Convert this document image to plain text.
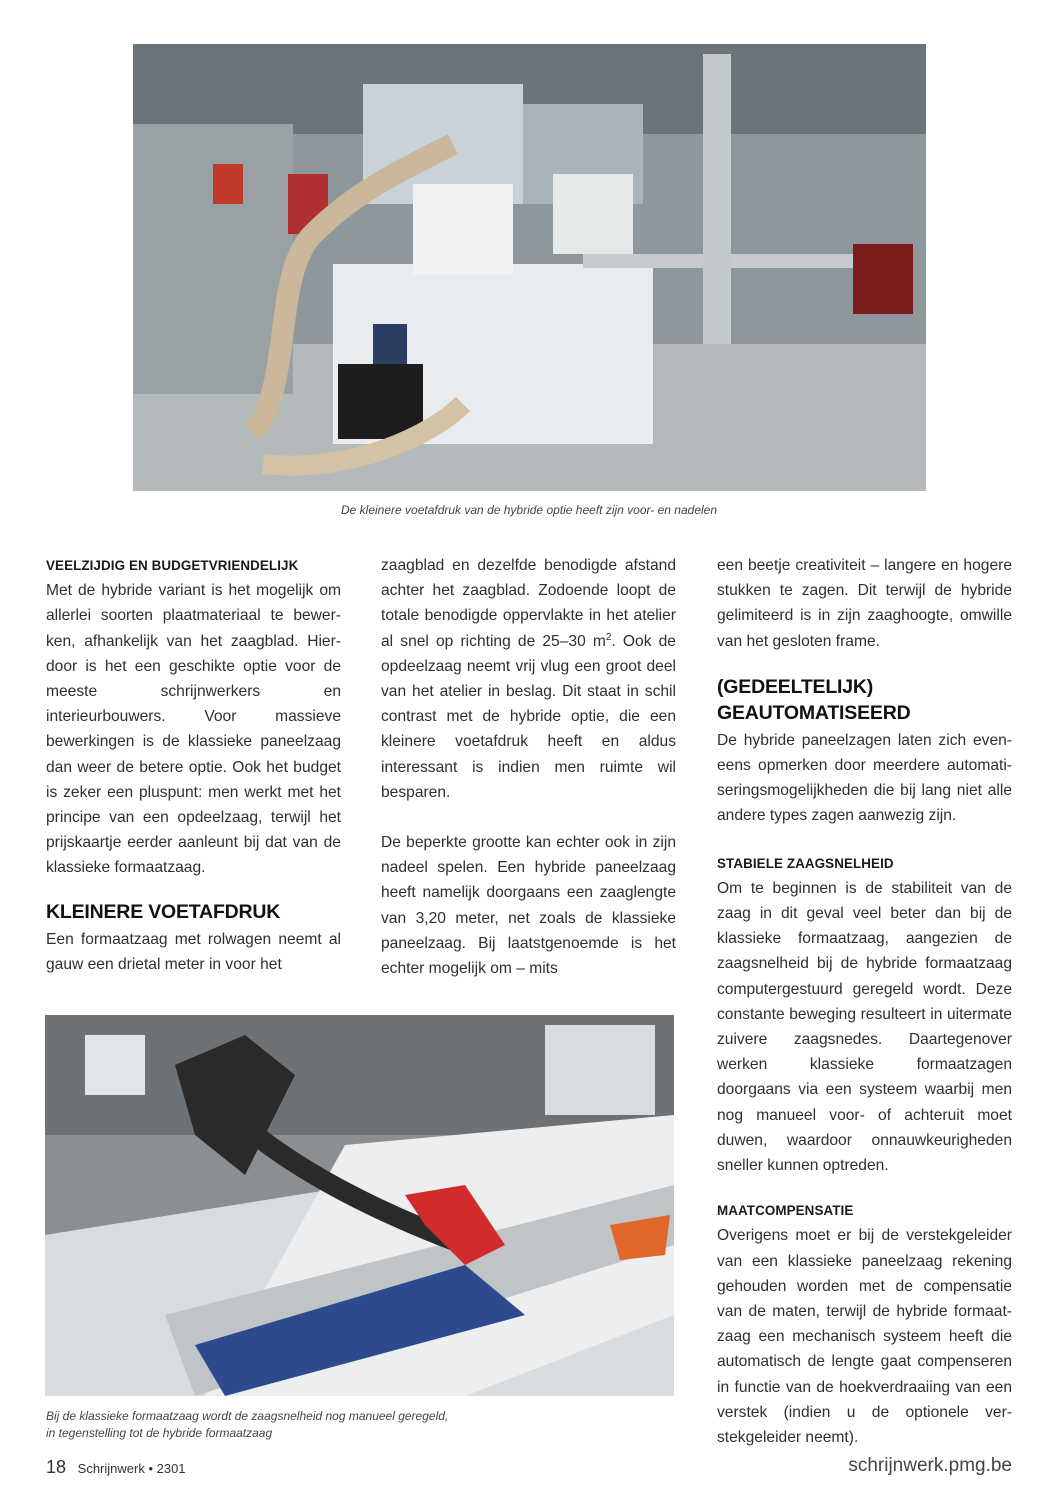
De kleinere voetafdruk van de hybride optie heeft zijn voor- en nadelen
VEELZIJDIG EN BUDGETVRIENDELIJK

Met de hybride variant is het mogelijk om allerlei soorten plaatmateriaal te bewerken, afhankelijk van het zaagblad. Hierdoor is het een geschikte optie voor de meeste schrijnwerkers en interieurbouwers. Voor massieve bewerkingen is de klassieke paneelzaag dan weer de betere optie. Ook het budget is zeker een pluspunt: men werkt met het principe van een opdeelzaag, terwijl het prijskaartje eerder aanleunt bij dat van de klassieke formaatzaag.

KLEINERE VOETAFDRUK

Een formaatzaag met rolwagen neemt al gauw een drietal meter in voor het

zaagblad en dezelfde benodigde afstand achter het zaagblad. Zodoende loopt de totale benodigde oppervlakte in het atelier al snel op richting de 25–30 $m^2$. Ook de opdeelzaag neemt vrij vlug een groot deel van het atelier in beslag. Dit staat in schil contrast met de hybride optie, die een kleinere voetafdruk heeft en aldus interessant is indien men ruimte wil besparen.

De beperkte grootte kan echter ook in zijn nadeel spelen. Een hybride paneelzaag heeft namelijk doorgaans een zaaglengte van 3,20 meter, net zoals de klassieke paneelzaag. Bij laatstgenoemde is het echter mogelijk om – mits

een beetje creativiteit – langere en hogere stukken te zagen. Dit terwijl de hybride gelimiteerd is in zijn zaaghoogte, omwille van het gesloten frame.

(GEDEELTELIJK)
GEAUTOMATISEERD

De hybride paneelzagen laten zich eveneens opmerken door meerdere automatiseringsmogelijkheden die bij lang niet alle andere types zagen aanwezig zijn.

STABIELE ZAAGSNELHEID

Om te beginnen is de stabiliteit van de zaag in dit geval veel beter dan bij de klassieke formaatzaag, aangezien de zaagsnelheid bij de hybride formaatzaag computergestuurd geregeld wordt. Deze constante beweging resulteert in uitermate zuivere zaagsnedes. Daartegenover werken klassieke formaatzagen doorgaans via een systeem waarbij men nog manueel voor- of achteruit moet duwen, waardoor onnauwkeurigheden sneller kunnen optreden.

MAATCOMPENSATIE

Overigens moet er bij de verstekgeleider van een klassieke paneelzaag rekening gehouden worden met de compensatie van de maten, terwijl de hybride formaatzaag een mechanisch systeem heeft die automatisch de lengte gaat compenseren in functie van de hoekverdraaiing van een verstek (indien u de optionele verstekgeleider neemt).

Bij de klassieke formaatzaag wordt de zaagsnelheid nog manueel geregeld,
in tegenstelling tot de hybride formaatzaag
18 Schrijnwerk • 2301	schrijnwerk.pmg.be
